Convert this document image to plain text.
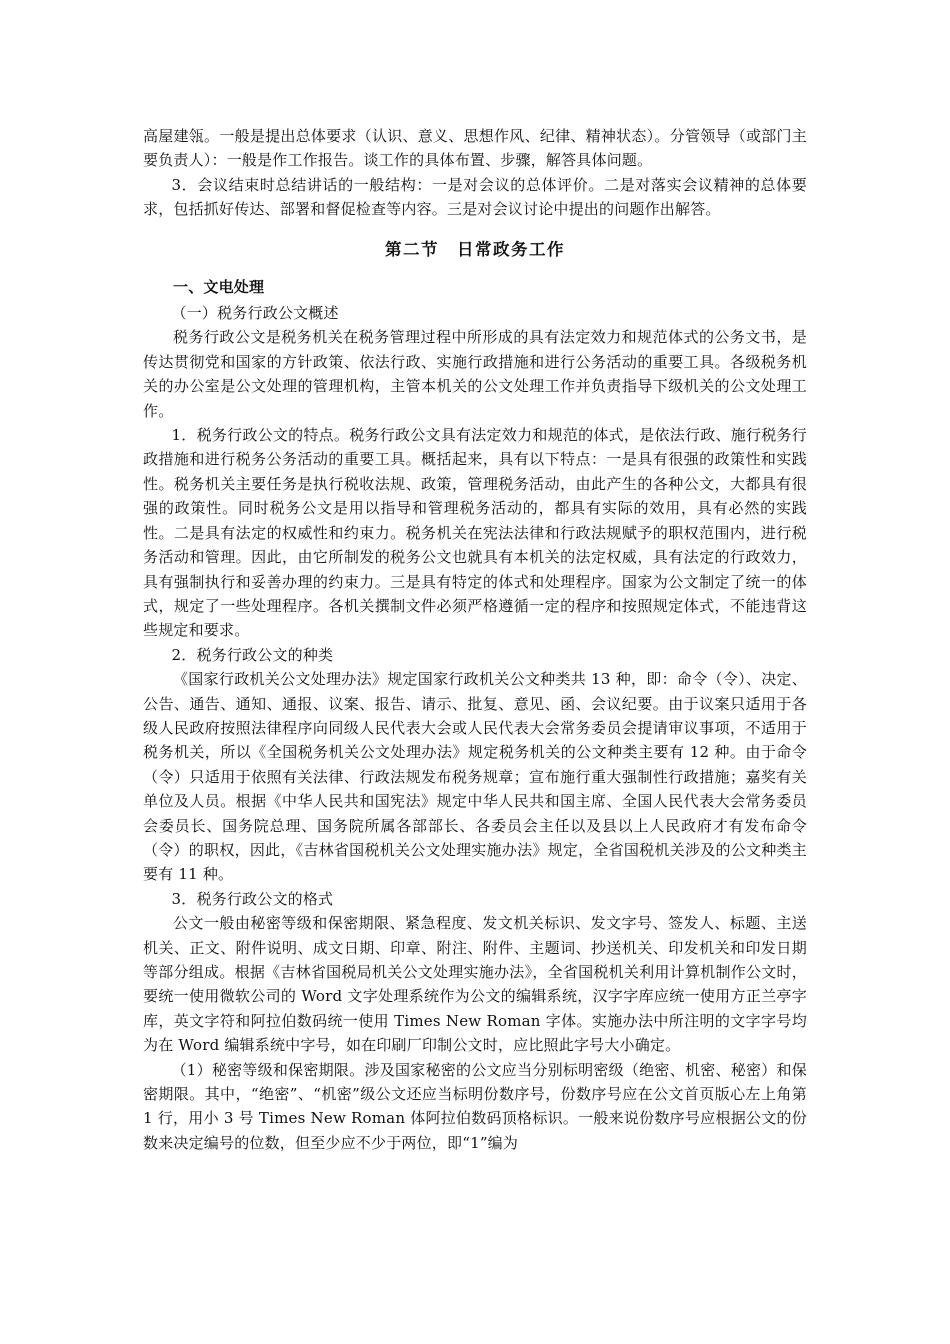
高屋建瓴。一般是提出总体要求（认识、意义、思想作风、纪律、精神状态）。分管领导（或部门主要负责人）：一般是作工作报告。谈工作的具体布置、步骤，解答具体问题。

3．会议结束时总结讲话的一般结构：一是对会议的总体评价。二是对落实会议精神的总体要求，包括抓好传达、部署和督促检查等内容。三是对会议讨论中提出的问题作出解答。

第二节　日常政务工作

一、文电处理

（一）税务行政公文概述

税务行政公文是税务机关在税务管理过程中所形成的具有法定效力和规范体式的公务文书，是传达贯彻党和国家的方针政策、依法行政、实施行政措施和进行公务活动的重要工具。各级税务机关的办公室是公文处理的管理机构，主管本机关的公文处理工作并负责指导下级机关的公文处理工作。

1．税务行政公文的特点。税务行政公文具有法定效力和规范的体式，是依法行政、施行税务行政措施和进行税务公务活动的重要工具。概括起来，具有以下特点：一是具有很强的政策性和实践性。税务机关主要任务是执行税收法规、政策，管理税务活动，由此产生的各种公文，大都具有很强的政策性。同时税务公文是用以指导和管理税务活动的，都具有实际的效用，具有必然的实践性。二是具有法定的权威性和约束力。税务机关在宪法法律和行政法规赋予的职权范围内，进行税务活动和管理。因此，由它所制发的税务公文也就具有本机关的法定权威，具有法定的行政效力，具有强制执行和妥善办理的约束力。三是具有特定的体式和处理程序。国家为公文制定了统一的体式，规定了一些处理程序。各机关撰制文件必须严格遵循一定的程序和按照规定体式，不能违背这些规定和要求。

2．税务行政公文的种类

《国家行政机关公文处理办法》规定国家行政机关公文种类共 13 种，即：命令（令）、决定、公告、通告、通知、通报、议案、报告、请示、批复、意见、函、会议纪要。由于议案只适用于各级人民政府按照法律程序向同级人民代表大会或人民代表大会常务委员会提请审议事项，不适用于税务机关，所以《全国税务机关公文处理办法》规定税务机关的公文种类主要有 12 种。由于命令（令）只适用于依照有关法律、行政法规发布税务规章；宣布施行重大强制性行政措施；嘉奖有关单位及人员。根据《中华人民共和国宪法》规定中华人民共和国主席、全国人民代表大会常务委员会委员长、国务院总理、国务院所属各部部长、各委员会主任以及县以上人民政府才有发布命令（令）的职权，因此，《吉林省国税机关公文处理实施办法》规定，全省国税机关涉及的公文种类主要有 11 种。

3．税务行政公文的格式

公文一般由秘密等级和保密期限、紧急程度、发文机关标识、发文字号、签发人、标题、主送机关、正文、附件说明、成文日期、印章、附注、附件、主题词、抄送机关、印发机关和印发日期等部分组成。根据《吉林省国税局机关公文处理实施办法》，全省国税机关利用计算机制作公文时，要统一使用微软公司的 Word 文字处理系统作为公文的编辑系统，汉字字库应统一使用方正兰亭字库，英文字符和阿拉伯数码统一使用 Times New Roman 字体。实施办法中所注明的文字字号均为在 Word 编辑系统中字号，如在印刷厂印制公文时，应比照此字号大小确定。

（1）秘密等级和保密期限。涉及国家秘密的公文应当分别标明密级（绝密、机密、秘密）和保密期限。其中，“绝密”、“机密”级公文还应当标明份数序号，份数序号应在公文首页版心左上角第 1 行，用小 3 号 Times New Roman 体阿拉伯数码顶格标识。一般来说份数序号应根据公文的份数来决定编号的位数，但至少应不少于两位，即“1”编为
